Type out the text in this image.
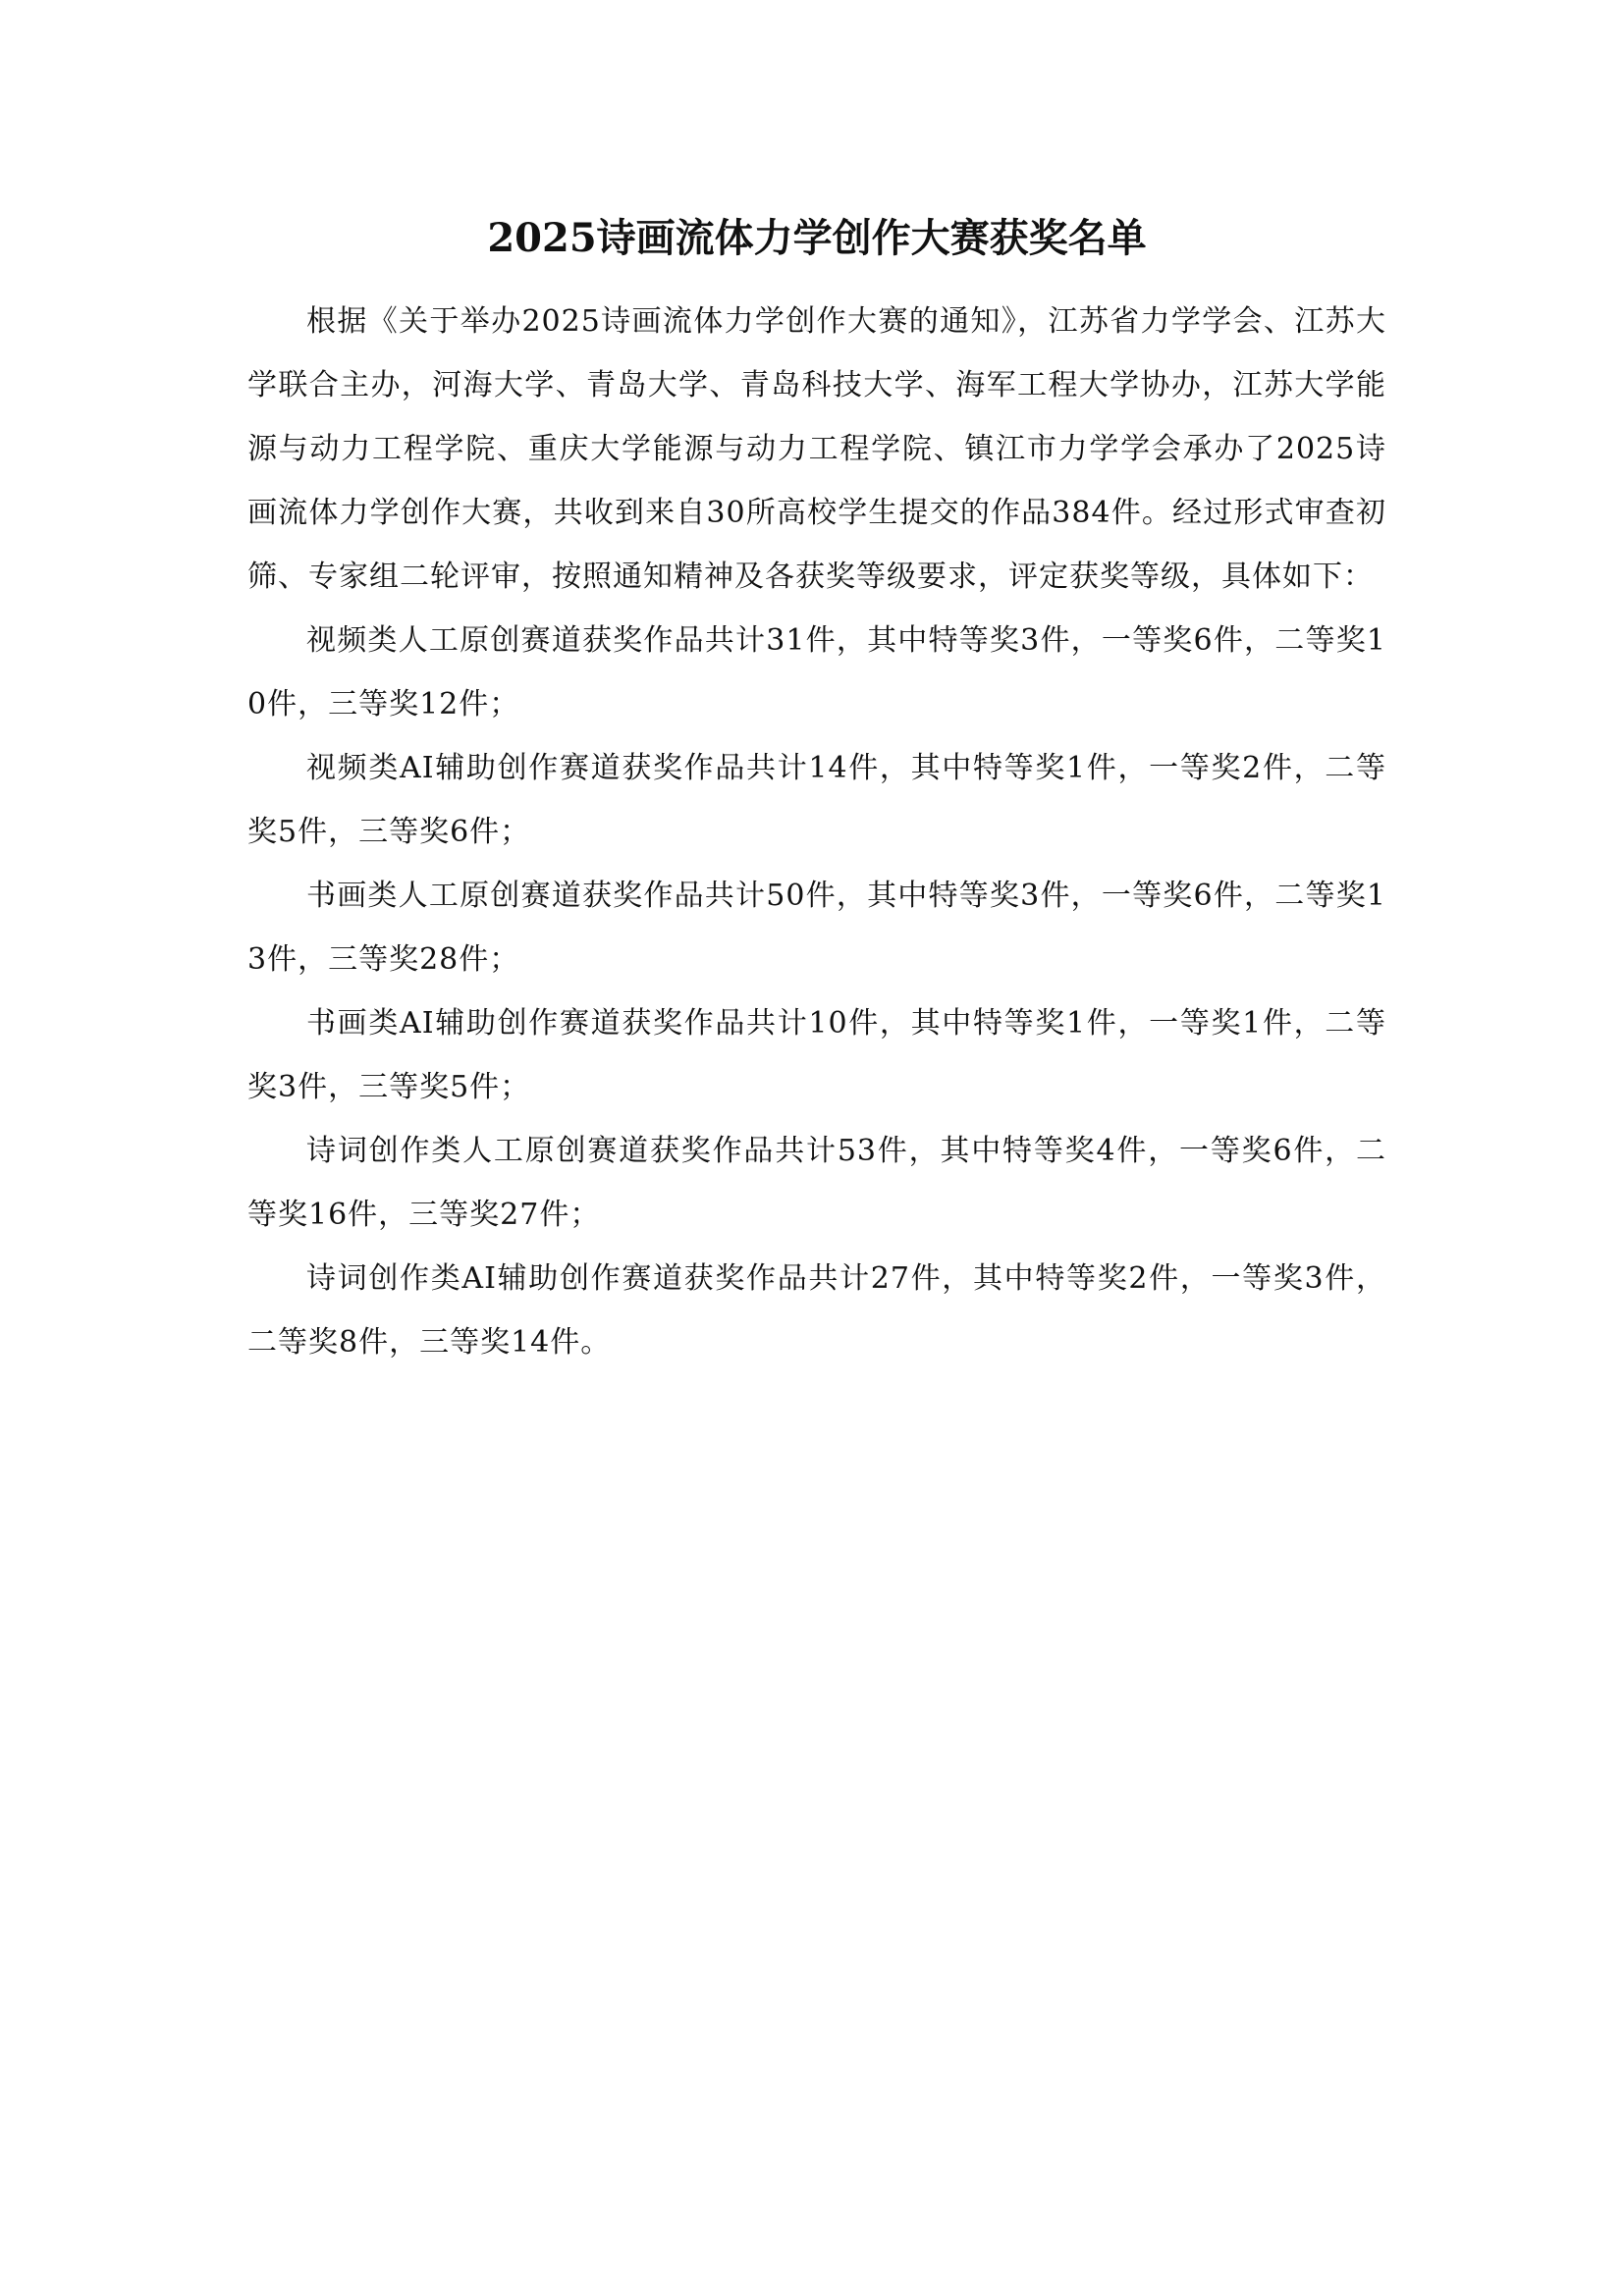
2025诗画流体力学创作大赛获奖名单

根据《关于举办2025诗画流体力学创作大赛的通知》，江苏省力学学会、江苏大学联合主办，河海大学、青岛大学、青岛科技大学、海军工程大学协办，江苏大学能源与动力工程学院、重庆大学能源与动力工程学院、镇江市力学学会承办了2025诗画流体力学创作大赛，共收到来自30所高校学生提交的作品384件。经过形式审查初筛、专家组二轮评审，按照通知精神及各获奖等级要求，评定获奖等级，具体如下：

视频类人工原创赛道获奖作品共计31件，其中特等奖3件，一等奖6件，二等奖10件，三等奖12件；

视频类AI辅助创作赛道获奖作品共计14件，其中特等奖1件，一等奖2件，二等奖5件，三等奖6件；

书画类人工原创赛道获奖作品共计50件，其中特等奖3件，一等奖6件，二等奖13件，三等奖28件；

书画类AI辅助创作赛道获奖作品共计10件，其中特等奖1件，一等奖1件，二等奖3件，三等奖5件；

诗词创作类人工原创赛道获奖作品共计53件，其中特等奖4件，一等奖6件，二等奖16件，三等奖27件；

诗词创作类AI辅助创作赛道获奖作品共计27件，其中特等奖2件，一等奖3件，二等奖8件，三等奖14件。
